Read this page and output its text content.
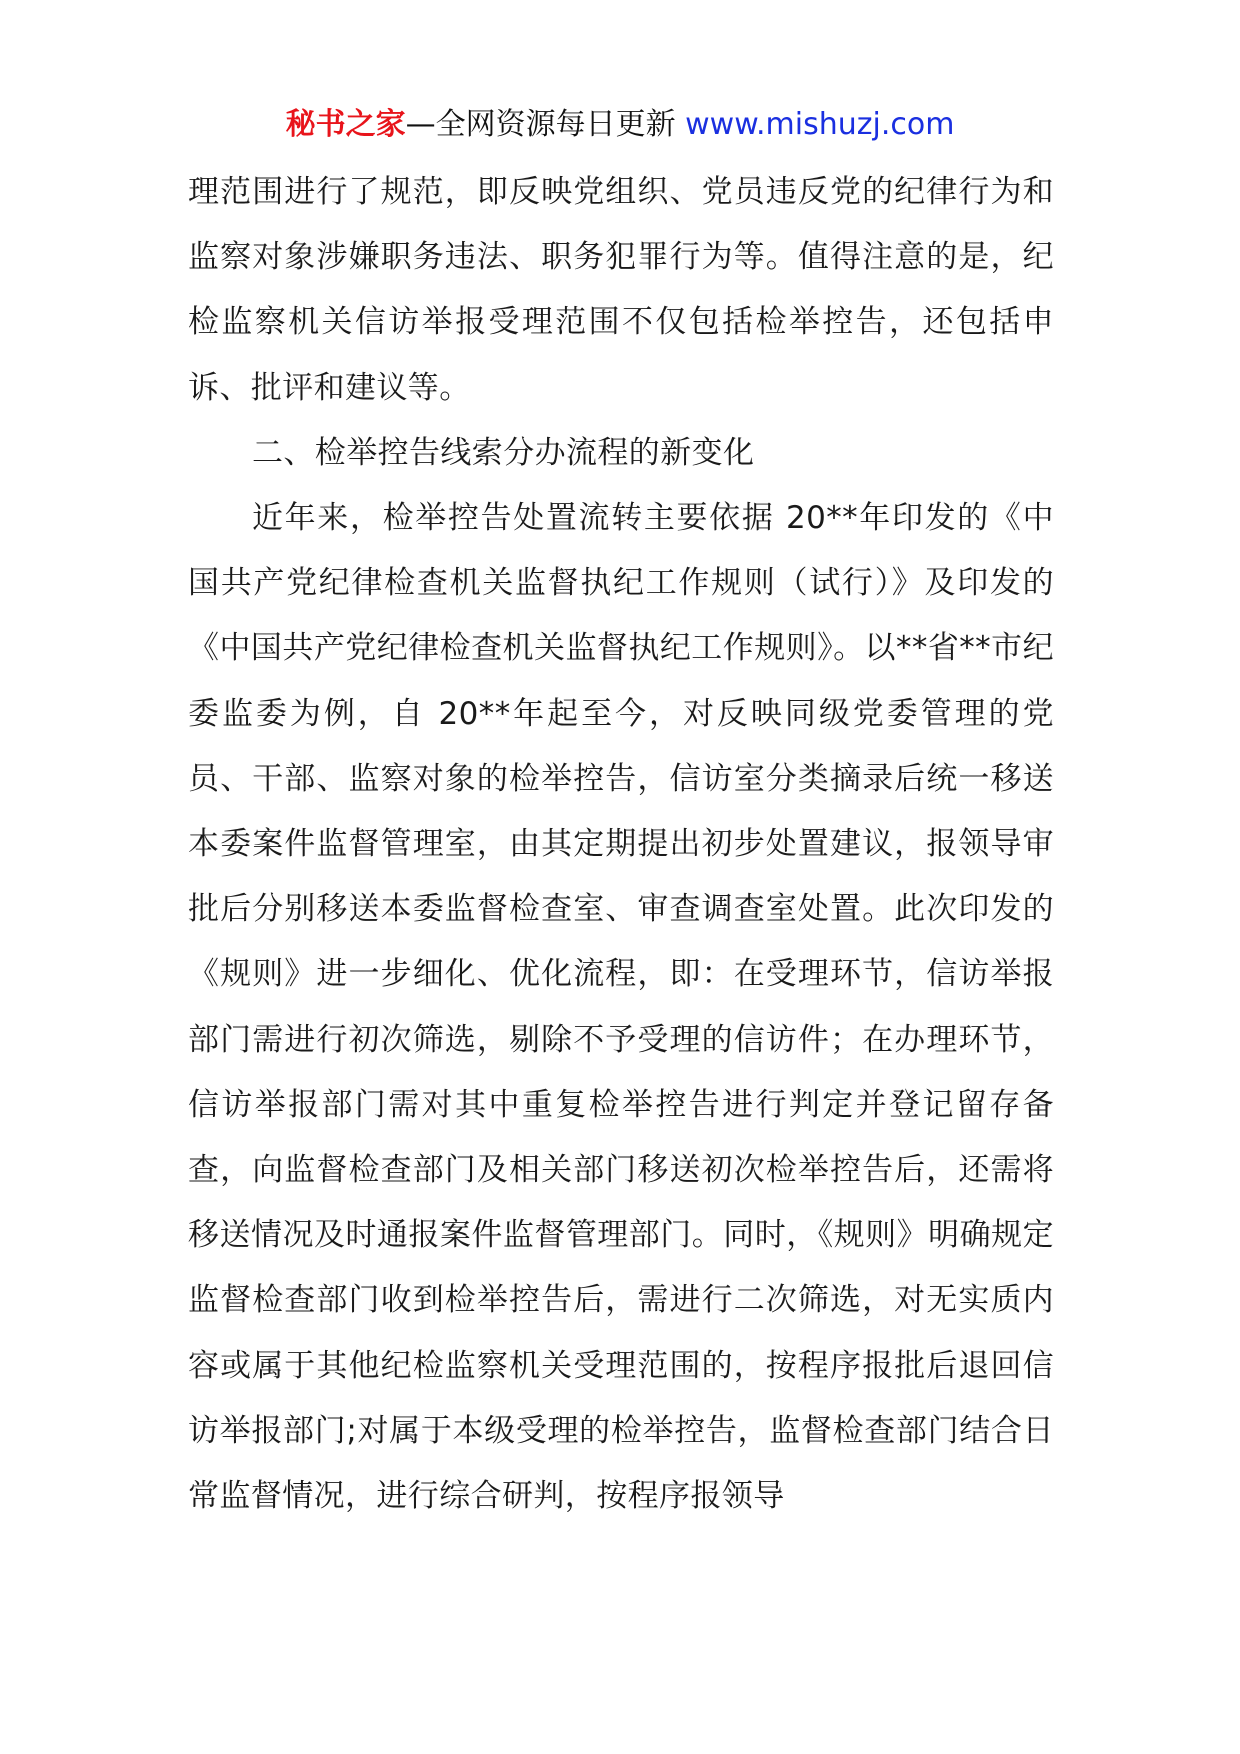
秘书之家—全网资源每日更新 www.mishuzj.com

理范围进行了规范，即反映党组织、党员违反党的纪律行为和监察对象涉嫌职务违法、职务犯罪行为等。值得注意的是，纪检监察机关信访举报受理范围不仅包括检举控告，还包括申诉、批评和建议等。

二、检举控告线索分办流程的新变化

近年来，检举控告处置流转主要依据 20**年印发的《中国共产党纪律检查机关监督执纪工作规则（试行）》及印发的《中国共产党纪律检查机关监督执纪工作规则》。以**省**市纪委监委为例，自 20**年起至今，对反映同级党委管理的党员、干部、监察对象的检举控告，信访室分类摘录后统一移送本委案件监督管理室，由其定期提出初步处置建议，报领导审批后分别移送本委监督检查室、审查调查室处置。此次印发的《规则》进一步细化、优化流程，即：在受理环节，信访举报部门需进行初次筛选，剔除不予受理的信访件；在办理环节，信访举报部门需对其中重复检举控告进行判定并登记留存备查，向监督检查部门及相关部门移送初次检举控告后，还需将移送情况及时通报案件监督管理部门。同时，《规则》明确规定监督检查部门收到检举控告后，需进行二次筛选，对无实质内容或属于其他纪检监察机关受理范围的，按程序报批后退回信访举报部门;对属于本级受理的检举控告，监督检查部门结合日常监督情况，进行综合研判，按程序报领导
